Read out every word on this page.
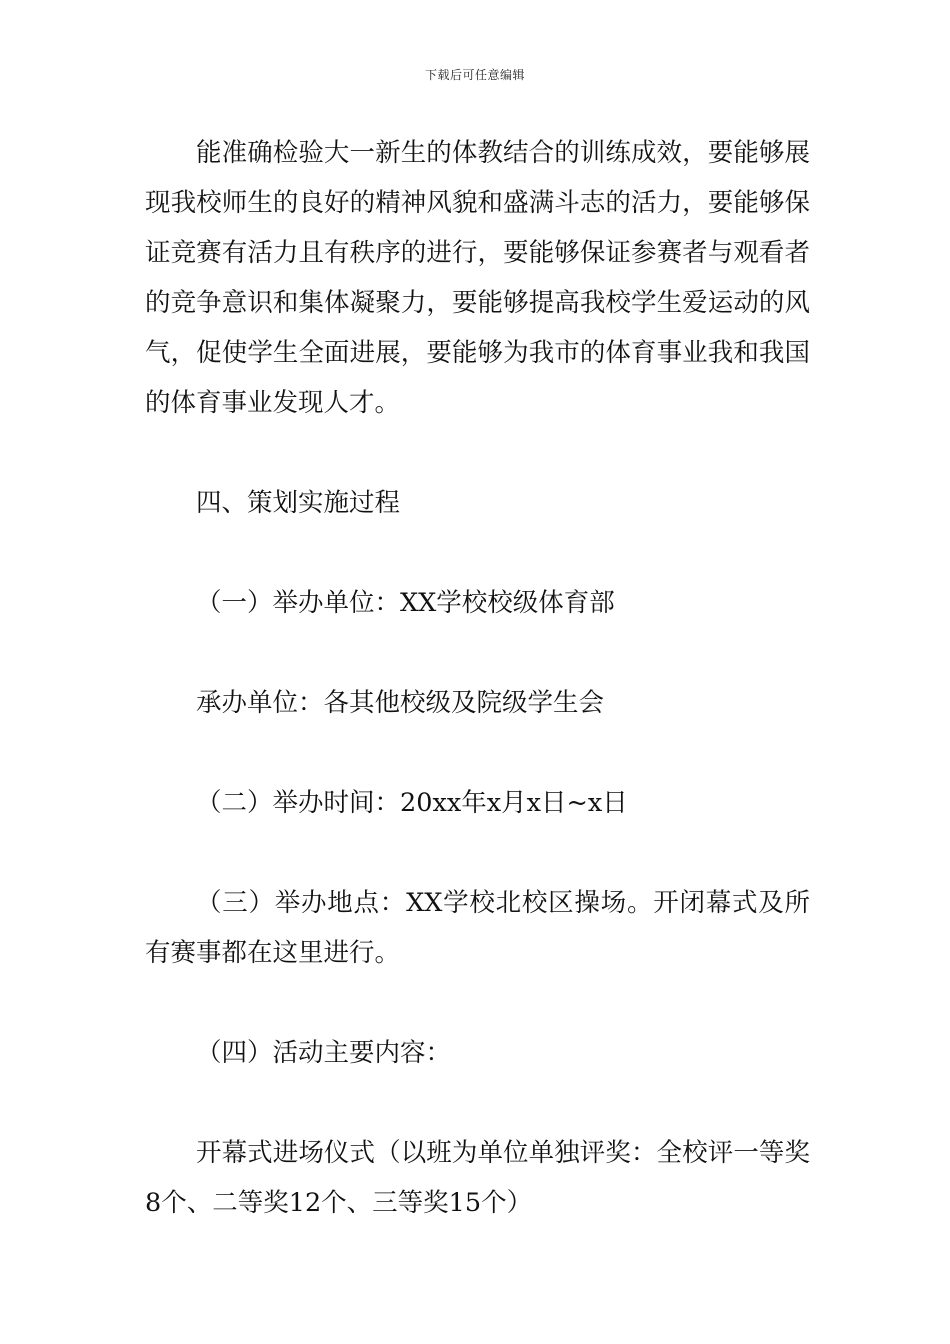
下载后可任意编辑

能准确检验大一新生的体教结合的训练成效，要能够展现我校师生的良好的精神风貌和盛满斗志的活力，要能够保证竞赛有活力且有秩序的进行，要能够保证参赛者与观看者的竞争意识和集体凝聚力，要能够提高我校学生爱运动的风气，促使学生全面进展，要能够为我市的体育事业我和我国的体育事业发现人才。

四、策划实施过程

（一）举办单位：XX学校校级体育部

承办单位：各其他校级及院级学生会

（二）举办时间：20xx年x月x日~x日

（三）举办地点：XX学校北校区操场。开闭幕式及所有赛事都在这里进行。

（四）活动主要内容：

开幕式进场仪式（以班为单位单独评奖：全校评一等奖8个、二等奖12个、三等奖15个）
